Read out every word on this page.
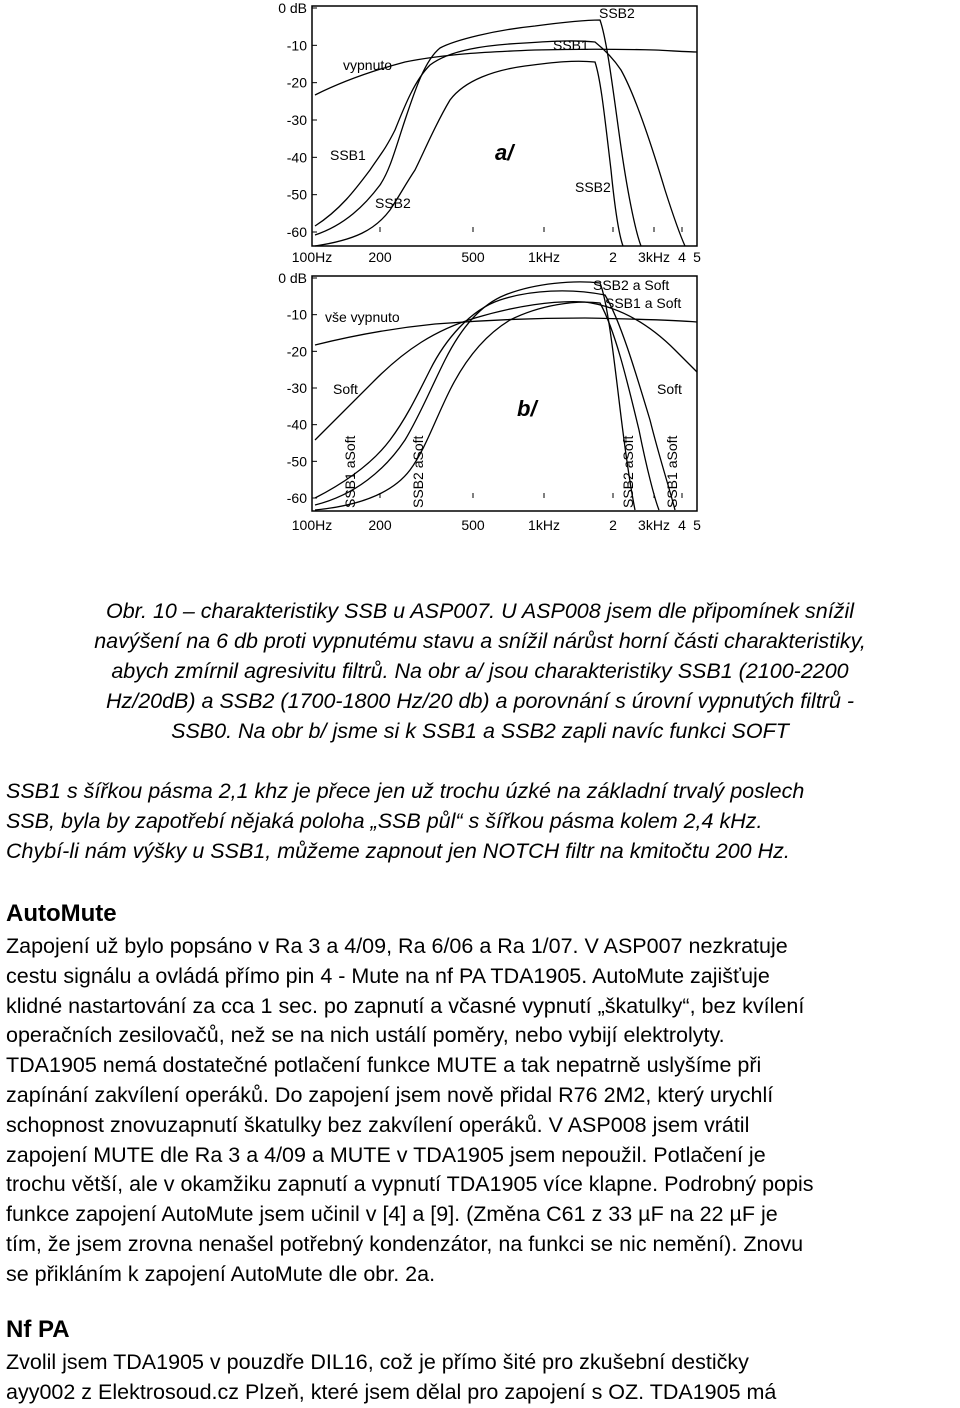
0 dB
-10
-20
-30
-40
-50
-60
100Hz	200	500	1kHz	2 3kHz 4 5
vypnuto
SSB2
SSB1
SSB1
SSB2
SSB2
a/
0 dB
-10
-20
-30
-40
-50
-60
100Hz	200	500	1kHz	2 3kHz 4 5
vše vypnuto
SSB2 a Soft
SSB1 a Soft
Soft	Soft
SSB1 aSoft	SSB2 aSoft	SSB2 aSoft SSB1 aSoft
b/
Obr. 10 – charakteristiky SSB u ASP007. U ASP008 jsem dle připomínek snížil
navýšení na 6 db proti vypnutému stavu a snížil nárůst horní části charakteristiky,
abych zmírnil agresivitu filtrů. Na obr a/ jsou charakteristiky SSB1 (2100-2200
Hz/20dB) a SSB2 (1700-1800 Hz/20 db) a porovnání s úrovní vypnutých filtrů -
SSB0. Na obr b/ jsme si k SSB1 a SSB2 zapli navíc funkci SOFT
SSB1 s šířkou pásma 2,1 khz je přece jen už trochu úzké na základní trvalý poslech
SSB, byla by zapotřebí nějaká poloha „SSB půl“ s šířkou pásma kolem 2,4 kHz.
Chybí-li nám výšky u SSB1, můžeme zapnout jen NOTCH filtr na kmitočtu 200 Hz.
AutoMute
Zapojení už bylo popsáno v Ra 3 a 4/09, Ra 6/06 a Ra 1/07. V ASP007 nezkratuje
cestu signálu a ovládá přímo pin 4 - Mute na nf PA TDA1905. AutoMute zajišťuje
klidné nastartování za cca 1 sec. po zapnutí a včasné vypnutí „škatulky“, bez kvílení
operačních zesilovačů, než se na nich ustálí poměry, nebo vybijí elektrolyty.
TDA1905 nemá dostatečné potlačení funkce MUTE a tak nepatrně uslyšíme při
zapínání zakvílení operáků. Do zapojení jsem nově přidal R76 2M2, který urychlí
schopnost znovuzapnutí škatulky bez zakvílení operáků. V ASP008 jsem vrátil
zapojení MUTE dle Ra 3 a 4/09 a MUTE v TDA1905 jsem nepoužil. Potlačení je
trochu větší, ale v okamžiku zapnutí a vypnutí TDA1905 více klapne. Podrobný popis
funkce zapojení AutoMute jsem učinil v [4] a [9]. (Změna C61 z 33 µF na 22 µF je
tím, že jsem zrovna nenašel potřebný kondenzátor, na funkci se nic nemění). Znovu
se přikláním k zapojení AutoMute dle obr. 2a.
Nf PA
Zvolil jsem TDA1905 v pouzdře DIL16, což je přímo šité pro zkušební destičky
ayy002 z Elektrosoud.cz Plzeň, které jsem dělal pro zapojení s OZ. TDA1905 má
